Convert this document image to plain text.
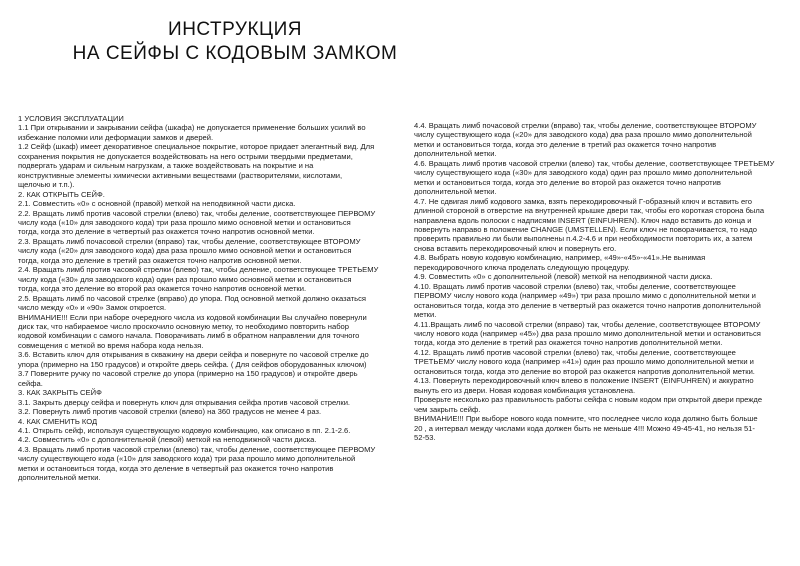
ИНСТРУКЦИЯ
НА СЕЙФЫ С КОДОВЫМ ЗАМКОМ

1 УСЛОВИЯ ЭКСПЛУАТАЦИИ

1.1 При открывании и закрывании сейфа (шкафа) не допускается применение больших усилий во

избежание поломки или деформации замков и дверей.

1.2 Сейф (шкаф) имеет декоративное специальное покрытие, которое придает элегантный вид. Для

сохранения покрытия не допускается воздействовать на него острыми твердыми предметами,

подвергать ударам и сильным нагрузкам, а также воздействовать на покрытие и на

конструктивные элементы химически активными веществами (растворителями, кислотами,

щелочью и т.п.).

2. КАК ОТКРЫТЬ СЕЙФ.

2.1. Совместить «0» с основной (правой) меткой на неподвижной части диска.

2.2. Вращать лимб против часовой стрелки (влево) так, чтобы деление, соответствующее ПЕРВОМУ

числу кода («10» для заводского кода) три раза прошло мимо основной метки и остановиться

тогда, когда это деление в четвертый раз окажется точно напротив основной метки.

2.3. Вращать лимб почасовой стрелки (вправо) так, чтобы деление, соответствующее ВТОРОМУ

числу кода («20» для заводского кода) два раза прошло мимо основной метки и остановиться

тогда, когда это деление в третий раз окажется точно напротив основной метки.

2.4. Вращать лимб против часовой стрелки (влево) так, чтобы деление, соответствующее ТРЕТЬЕМУ

числу кода («30» для заводского кода) один раз прошло мимо основной метки и остановиться

тогда, когда это деление во второй раз окажется точно напротив основной метки.

2.5. Вращать лимб по часовой стрелке (вправо) до упора. Под основной меткой должно оказаться

число между «0» и «90» Замок откроется.

ВНИМАНИЕ!!! Если при наборе очередного числа из кодовой комбинации Вы случайно повернули

диск так, что набираемое число проскочило основную метку, то необходимо повторить набор

кодовой комбинации с самого начала. Поворачивать лимб в обратном направлении для точного

совмещения с меткой во время набора кода нельзя.

3.6. Вставить ключ для открывания в скважину на двери сейфа и повернуте по часовой стрелке до

упора (примерно на 150 градусов) и откройте дверь сейфа. ( Для сейфов оборудованных ключом)

3.7 Поверните ручку по часовой стрелке до упора (примерно на 150 градусов) и откройте дверь

сейфа.

3. КАК ЗАКРЫТЬ СЕЙФ

3.1. Закрыть дверцу сейфа и повернуть ключ для открывания сейфа против часовой стрелки.

3.2. Повернуть лимб против часовой стрелки (влево) на 360 градусов не менее 4 раз.

4. КАК СМЕНИТЬ КОД

4.1. Открыть сейф, используя существующую кодовую комбинацию, как описано в пп. 2.1-2.6.

4.2. Совместить «0» с дополнительной (левой) меткой на неподвижной части диска.

4.3. Вращать лимб против часовой стрелки (влево) так, чтобы деление, соответствующее ПЕРВОМУ

числу существующего кода («10» для заводского кода) три раза прошло мимо дополнительной

метки и остановиться тогда, когда это деление в четвертый раз окажется точно напротив

дополнительной метки.

4.4. Вращать лимб почасовой стрелки (вправо) так, чтобы деление, соответствующее ВТОРОМУ

числу существующего кода («20» для заводского кода) два раза прошло мимо дополнительной

метки и остановиться тогда, когда это деление в третий раз окажется точно напротив

дополнительной метки.

4.6. Вращать лимб против часовой стрелки (влево) так, чтобы деление, соответствующее ТРЕТЬЕМУ

числу существующего кода («30» для заводского кода) один раз прошло мимо дополнительной

метки и остановиться тогда, когда это деление во второй раз окажется точно напротив

дополнительной метки.

4.7. Не сдвигая лимб кодового замка, взять перекодировочный Г-образный ключ и вставить его

длинной стороной в отверстие на внутренней крышке двери так, чтобы его короткая сторона была

направлена вдоль полоски с надписями INSERT (EINFUHREN). Ключ надо вставить до конца и

повернуть направо в положение CHANGE (UMSTELLEN). Если ключ не поворачивается, то надо

проверить правильно ли были выполнены п.4.2-4.6 и при необходимости повторить их, а затем

снова вставить перекодировочный ключ и повернуть его.

4.8. Выбрать новую кодовую комбинацию, например, «49»-«45»-«41».Не вынимая

перекодировочного ключа проделать следующую процедуру.

4.9. Совместить «0» с дополнительной (левой) меткой на неподвижной части диска.

4.10. Вращать лимб против часовой стрелки (влево) так, чтобы деление, соответствующее

ПЕРВОМУ числу нового кода (например «49») три раза прошло мимо с дополнительной метки и

остановиться тогда, когда это деление в четвертый раз окажется точно напротив дополнительной

метки.

4.11.Вращать лимб по часовой стрелки (вправо) так, чтобы деление, соответствующее ВТОРОМУ

числу нового кода (например «45») два раза прошло мимо дополнительной метки и остановиться

тогда, когда это деление в третий раз окажется точно напротив дополнительной метки.

4.12. Вращать лимб против часовой стрелки (влево) так, чтобы деление, соответствующее

ТРЕТЬЕМУ числу нового кода (например «41») один раз прошло мимо дополнительной метки и

остановиться тогда, когда это деление во второй раз окажется напротив дополнительной метки.

4.13. Повернуть перекодировочный ключ влево в положение INSERT (EINFUHREN) и аккуратно

вынуть его из двери. Новая кодовая комбинация установлена.

Проверьте несколько раз правильность работы сейфа с новым кодом при открытой двери прежде

чем закрыть сейф.

ВНИМАНИЕ!!! При выборе нового кода помните, что последнее число кода должно быть больше

20 , а интервал между числами кода должен быть не меньше 4!!! Можно 49-45-41, но нельзя 51-

52-53.
